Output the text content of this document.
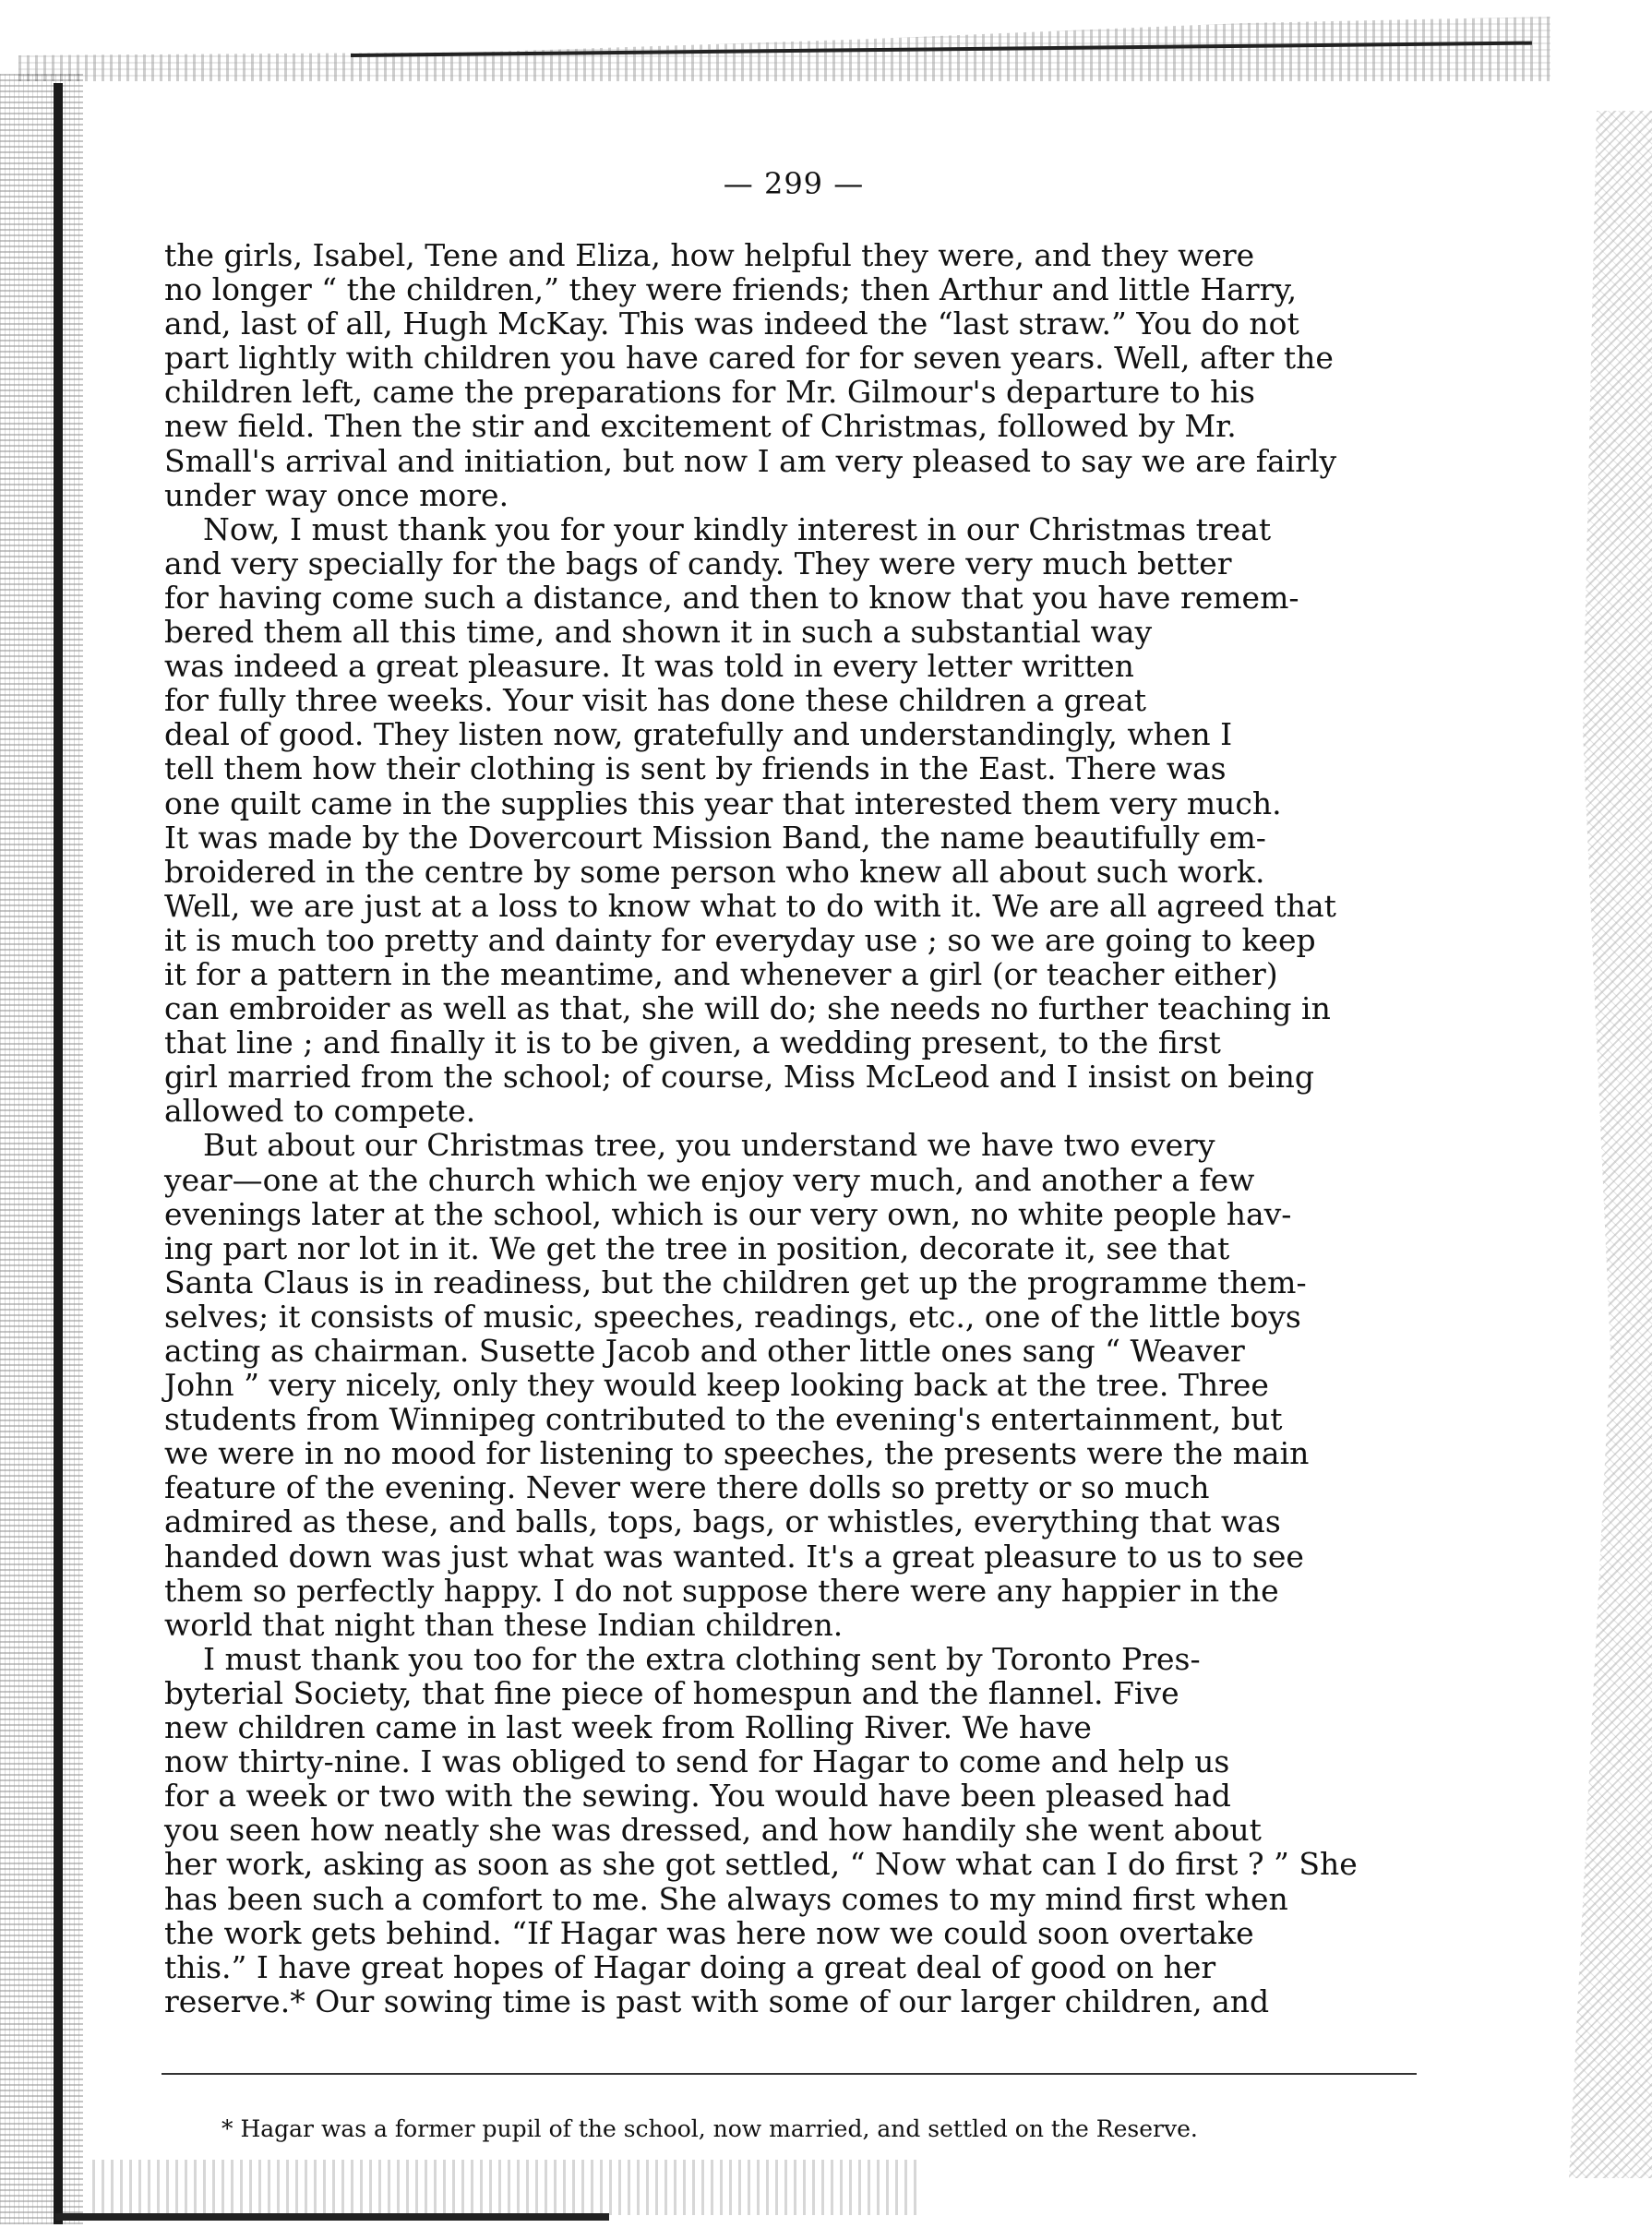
— 299 —
the girls, Isabel, Tene and Eliza, how helpful they were, and they were
no longer “ the children,” they were friends; then Arthur and little Harry,
and, last of all, Hugh McKay. This was indeed the “last straw.” You do not
part lightly with children you have cared for for seven years. Well, after the
children left, came the preparations for Mr. Gilmour's departure to his
new field. Then the stir and excitement of Christmas, followed by Mr.
Small's arrival and initiation, but now I am very pleased to say we are fairly
under way once more.
Now, I must thank you for your kindly interest in our Christmas treat
and very specially for the bags of candy. They were very much better
for having come such a distance, and then to know that you have remem-
bered them all this time, and shown it in such a substantial way
was indeed a great pleasure. It was told in every letter written
for fully three weeks. Your visit has done these children a great
deal of good. They listen now, gratefully and understandingly, when I
tell them how their clothing is sent by friends in the East. There was
one quilt came in the supplies this year that interested them very much.
It was made by the Dovercourt Mission Band, the name beautifully em-
broidered in the centre by some person who knew all about such work.
Well, we are just at a loss to know what to do with it. We are all agreed that
it is much too pretty and dainty for everyday use ; so we are going to keep
it for a pattern in the meantime, and whenever a girl (or teacher either)
can embroider as well as that, she will do; she needs no further teaching in
that line ; and finally it is to be given, a wedding present, to the first
girl married from the school; of course, Miss McLeod and I insist on being
allowed to compete.
But about our Christmas tree, you understand we have two every
year—one at the church which we enjoy very much, and another a few
evenings later at the school, which is our very own, no white people hav-
ing part nor lot in it. We get the tree in position, decorate it, see that
Santa Claus is in readiness, but the children get up the programme them-
selves; it consists of music, speeches, readings, etc., one of the little boys
acting as chairman. Susette Jacob and other little ones sang “ Weaver
John ” very nicely, only they would keep looking back at the tree. Three
students from Winnipeg contributed to the evening's entertainment, but
we were in no mood for listening to speeches, the presents were the main
feature of the evening. Never were there dolls so pretty or so much
admired as these, and balls, tops, bags, or whistles, everything that was
handed down was just what was wanted. It's a great pleasure to us to see
them so perfectly happy. I do not suppose there were any happier in the
world that night than these Indian children.
I must thank you too for the extra clothing sent by Toronto Pres-
byterial Society, that fine piece of homespun and the flannel. Five
new children came in last week from Rolling River. We have
now thirty-nine. I was obliged to send for Hagar to come and help us
for a week or two with the sewing. You would have been pleased had
you seen how neatly she was dressed, and how handily she went about
her work, asking as soon as she got settled, “ Now what can I do first ? ” She
has been such a comfort to me. She always comes to my mind first when
the work gets behind. “If Hagar was here now we could soon overtake
this.” I have great hopes of Hagar doing a great deal of good on her
reserve.* Our sowing time is past with some of our larger children, and
* Hagar was a former pupil of the school, now married, and settled on the Reserve.
